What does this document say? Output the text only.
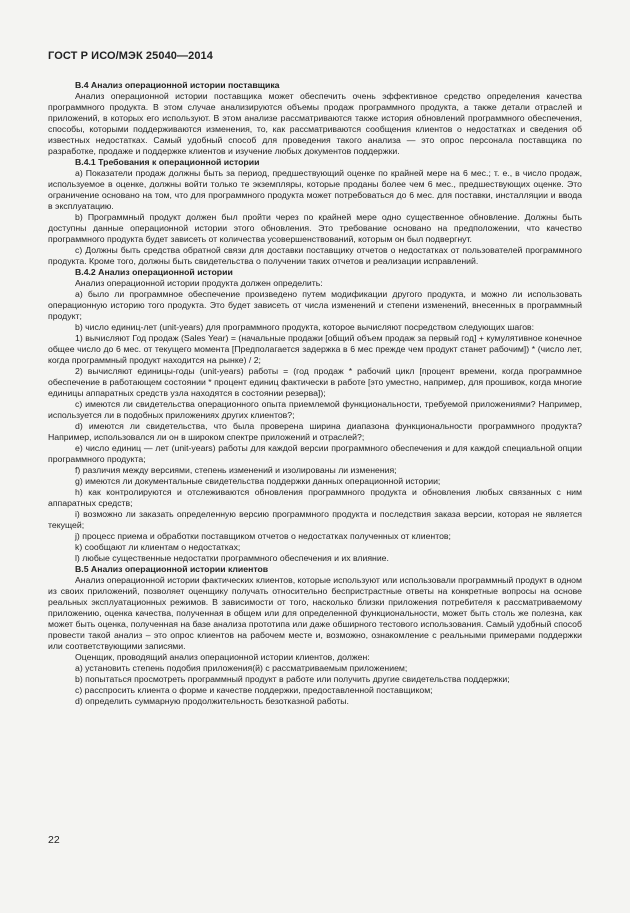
ГОСТ Р ИСО/МЭК 25040—2014
В.4 Анализ операционной истории поставщика

Анализ операционной истории поставщика может обеспечить очень эффективное средство определения качества программного продукта. В этом случае анализируются объемы продаж программного продукта, а также детали отраслей и приложений, в которых его используют. В этом анализе рассматриваются также история обновлений программного обеспечения, способы, которыми поддерживаются изменения, то, как рассматриваются сообщения клиентов о недостатках и сведения об известных недостатках. Самый удобный способ для проведения такого анализа — это опрос персонала поставщика по разработке, продаже и поддержке клиентов и изучение любых документов поддержки.

В.4.1 Требования к операционной истории

a) Показатели продаж должны быть за период, предшествующий оценке по крайней мере на 6 мес.; т. е., в число продаж, используемое в оценке, должны войти только те экземпляры, которые проданы более чем 6 мес., предшествующих оценке. Это ограничение основано на том, что для программного продукта может потребоваться до 6 мес. для поставки, инсталляции и ввода в эксплуатацию.

b) Программный продукт должен был пройти через по крайней мере одно существенное обновление. Должны быть доступны данные операционной истории этого обновления. Это требование основано на предположении, что качество программного продукта будет зависеть от количества усовершенствований, которым он был подвергнут.

c) Должны быть средства обратной связи для доставки поставщику отчетов о недостатках от пользователей программного продукта. Кроме того, должны быть свидетельства о получении таких отчетов и реализации исправлений.

В.4.2 Анализ операционной истории

Анализ операционной истории продукта должен определить:

a) было ли программное обеспечение произведено путем модификации другого продукта, и можно ли использовать операционную историю того продукта. Это будет зависеть от числа изменений и степени изменений, внесенных в программный продукт;

b) число единиц-лет (unit-years) для программного продукта, которое вычисляют посредством следующих шагов:

1) вычисляют Год продаж (Sales Year) = (начальные продажи [общий объем продаж за первый год] + кумулятивное конечное общее число до 6 мес. от текущего момента [Предполагается задержка в 6 мес прежде чем продукт станет рабочим]) * (число лет, когда программный продукт находится на рынке) / 2;

2) вычисляют единицы-годы (unit-years) работы = (год продаж * рабочий цикл [процент времени, когда программное обеспечение в работающем состоянии * процент единиц фактически в работе [это уместно, например, для прошивок, когда многие единицы аппаратных средств узла находятся в состоянии резерва]);

c) имеются ли свидетельства операционного опыта приемлемой функциональности, требуемой приложениями? Например, используется ли в подобных приложениях других клиентов?;

d) имеются ли свидетельства, что была проверена ширина диапазона функциональности программного продукта? Например, использовался ли он в широком спектре приложений и отраслей?;

e) число единиц — лет (unit-years) работы для каждой версии программного обеспечения и для каждой специальной опции программного продукта;

f) различия между версиями, степень изменений и изолированы ли изменения;

g) имеются ли документальные свидетельства поддержки данных операционной истории;

h) как контролируются и отслеживаются обновления программного продукта и обновления любых связанных с ним аппаратных средств;

i) возможно ли заказать определенную версию программного продукта и последствия заказа версии, которая не является текущей;

j) процесс приема и обработки поставщиком отчетов о недостатках полученных от клиентов;

k) сообщают ли клиентам о недостатках;

l) любые существенные недостатки программного обеспечения и их влияние.

В.5 Анализ операционной истории клиентов

Анализ операционной истории фактических клиентов, которые используют или использовали программный продукт в одном из своих приложений, позволяет оценщику получать относительно беспристрастные ответы на конкретные вопросы на основе реальных эксплуатационных режимов. В зависимости от того, насколько близки приложения потребителя к рассматриваемому приложению, оценка качества, полученная в общем или для определенной функциональности, может быть столь же полезна, как может быть оценка, полученная на базе анализа прототипа или даже обширного тестового использования. Самый удобный способ провести такой анализ – это опрос клиентов на рабочем месте и, возможно, ознакомление с реальными примерами поддержки или соответствующими записями.

Оценщик, проводящий анализ операционной истории клиентов, должен:

a) установить степень подобия приложения(й) с рассматриваемым приложением;

b) попытаться просмотреть программный продукт в работе или получить другие свидетельства поддержки;

c) расспросить клиента о форме и качестве поддержки, предоставленной поставщиком;

d) определить суммарную продолжительность безотказной работы.

22
